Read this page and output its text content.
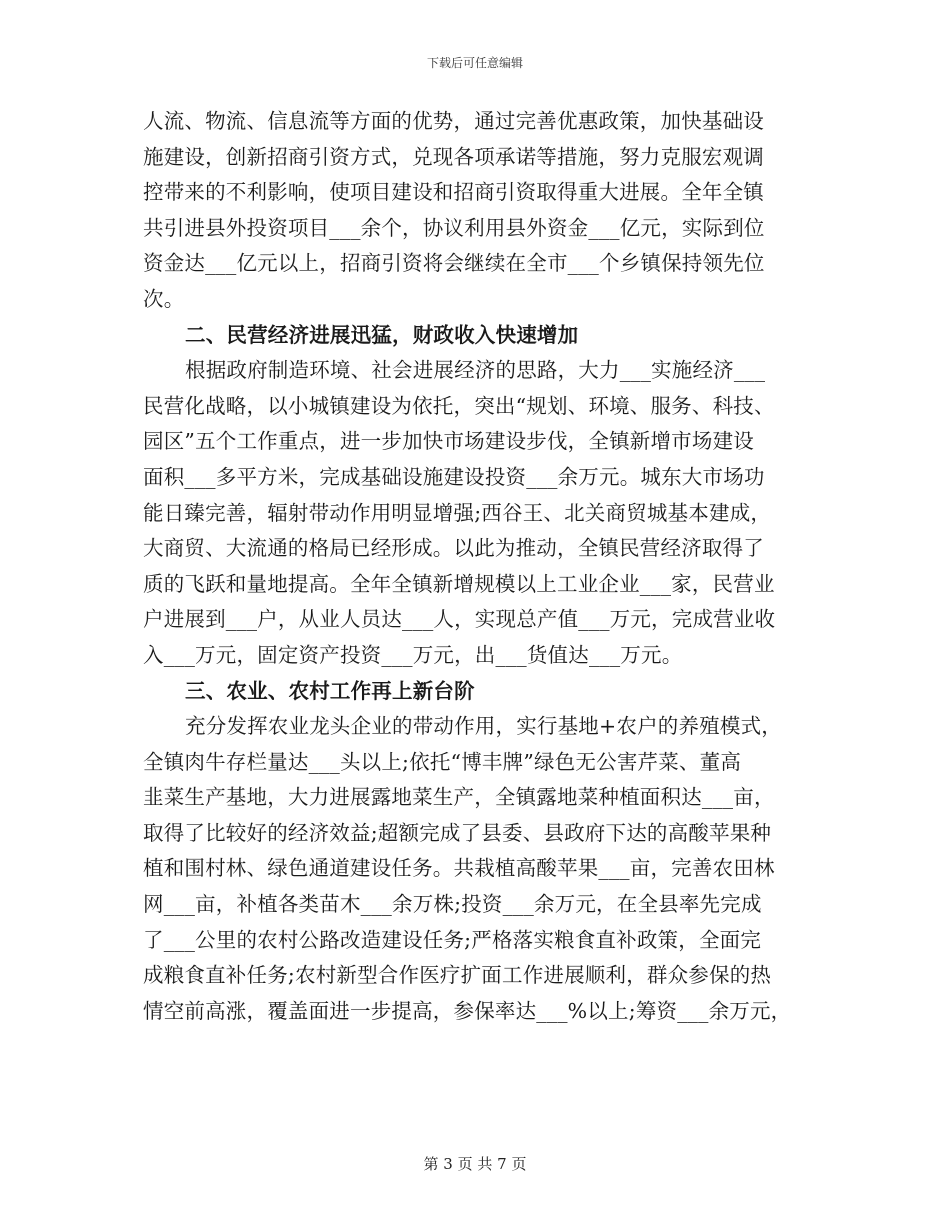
下载后可任意编辑
人流、物流、信息流等方面的优势，通过完善优惠政策，加快基础设
施建设，创新招商引资方式，兑现各项承诺等措施，努力克服宏观调
控带来的不利影响，使项目建设和招商引资取得重大进展。全年全镇
共引进县外投资项目___余个，协议利用县外资金___亿元，实际到位
资金达___亿元以上，招商引资将会继续在全市___个乡镇保持领先位
次。
二、民营经济进展迅猛，财政收入快速增加
根据政府制造环境、社会进展经济的思路，大力___实施经济___
民营化战略，以小城镇建设为依托，突出“规划、环境、服务、科技、
园区”五个工作重点，进一步加快市场建设步伐，全镇新增市场建设
面积___多平方米，完成基础设施建设投资___余万元。城东大市场功
能日臻完善，辐射带动作用明显增强;西谷王、北关商贸城基本建成，
大商贸、大流通的格局已经形成。以此为推动，全镇民营经济取得了
质的飞跃和量地提高。全年全镇新增规模以上工业企业___家，民营业
户进展到___户，从业人员达___人，实现总产值___万元，完成营业收
入___万元，固定资产投资___万元，出___货值达___万元。
三、农业、农村工作再上新台阶
充分发挥农业龙头企业的带动作用，实行基地+农户的养殖模式，
全镇肉牛存栏量达___头以上;依托“博丰牌”绿色无公害芹菜、董高
韭菜生产基地，大力进展露地菜生产，全镇露地菜种植面积达___亩，
取得了比较好的经济效益;超额完成了县委、县政府下达的高酸苹果种
植和围村林、绿色通道建设任务。共栽植高酸苹果___亩，完善农田林
网___亩，补植各类苗木___余万株;投资___余万元，在全县率先完成
了___公里的农村公路改造建设任务;严格落实粮食直补政策，全面完
成粮食直补任务;农村新型合作医疗扩面工作进展顺利，群众参保的热
情空前高涨，覆盖面进一步提高，参保率达___%以上;筹资___余万元，
第 3 页 共 7 页
